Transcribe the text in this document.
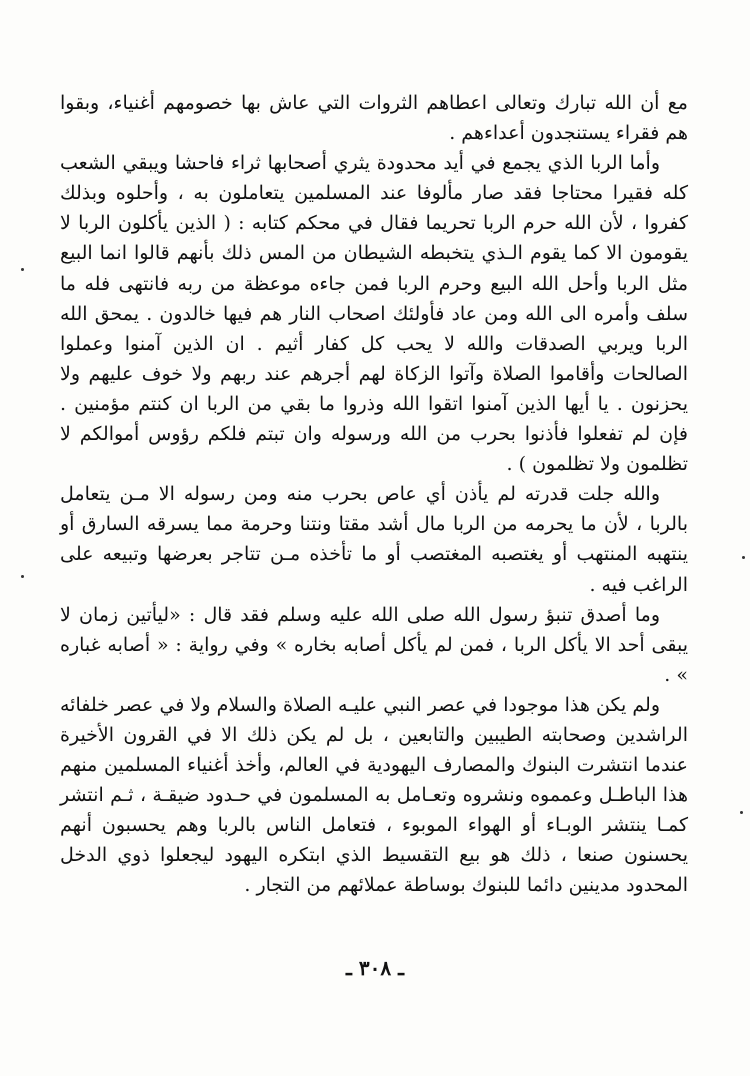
مع أن الله تبارك وتعالى اعطاهم الثروات التي عاش بها خصومهم أغنياء، وبقوا هم فقراء يستنجدون أعداءهم .

وأما الربا الذي يجمع في أيد محدودة يثري أصحابها ثراء فاحشا ويبقي الشعب كله فقيرا محتاجا فقد صار مألوفا عند المسلمين يتعاملون به ، وأحلوه وبذلك كفروا ، لأن الله حرم الربا تحريما فقال في محكم كتابه : ( الذين يأكلون الربا لا يقومون الا كما يقوم الـذي يتخبطه الشيطان من المس ذلك بأنهم قالوا انما البيع مثل الربا وأحل الله البيع وحرم الربا فمن جاءه موعظة من ربه فانتهى فله ما سلف وأمره الى الله ومن عاد فأولئك اصحاب النار هم فيها خالدون . يمحق الله الربا ويربي الصدقات والله لا يحب كل كفار أثيم . ان الذين آمنوا وعملوا الصالحات وأقاموا الصلاة وآتوا الزكاة لهم أجرهم عند ربهم ولا خوف عليهم ولا يحزنون . يا أيها الذين آمنوا اتقوا الله وذروا ما بقي من الربا ان كنتم مؤمنين . فإن لم تفعلوا فأذنوا بحرب من الله ورسوله وان تبتم فلكم رؤوس أموالكم لا تظلمون ولا تظلمون ) .

والله جلت قدرته لم يأذن أي عاص بحرب منه ومن رسوله الا مـن يتعامل بالربا ، لأن ما يحرمه من الربا مال أشد مقتا ونتنا وحرمة مما يسرقه السارق أو ينتهبه المنتهب أو يغتصبه المغتصب أو ما تأخذه مـن تتاجر بعرضها وتبيعه على الراغب فيه .

وما أصدق تنبؤ رسول الله صلى الله عليه وسلم فقد قال : «ليأتين زمان لا يبقى أحد الا يأكل الربا ، فمن لم يأكل أصابه بخاره » وفي رواية : « أصابه غباره » .

ولم يكن هذا موجودا في عصر النبي عليـه الصلاة والسلام ولا في عصر خلفائه الراشدين وصحابته الطيبين والتابعين ، بل لم يكن ذلك الا في القرون الأخيرة عندما انتشرت البنوك والمصارف اليهودية في العالم، وأخذ أغنياء المسلمين منهم هذا الباطـل وعمموه ونشروه وتعـامل به المسلمون في حـدود ضيقـة ، ثـم انتشر كمـا ينتشر الوبـاء أو الهواء الموبوء ، فتعامل الناس بالربا وهم يحسبون أنهم يحسنون صنعا ، ذلك هو بيع التقسيط الذي ابتكره اليهود ليجعلوا ذوي الدخل المحدود مدينين دائما للبنوك بوساطة عملائهم من التجار .

ـ ٣٠٨ ـ
